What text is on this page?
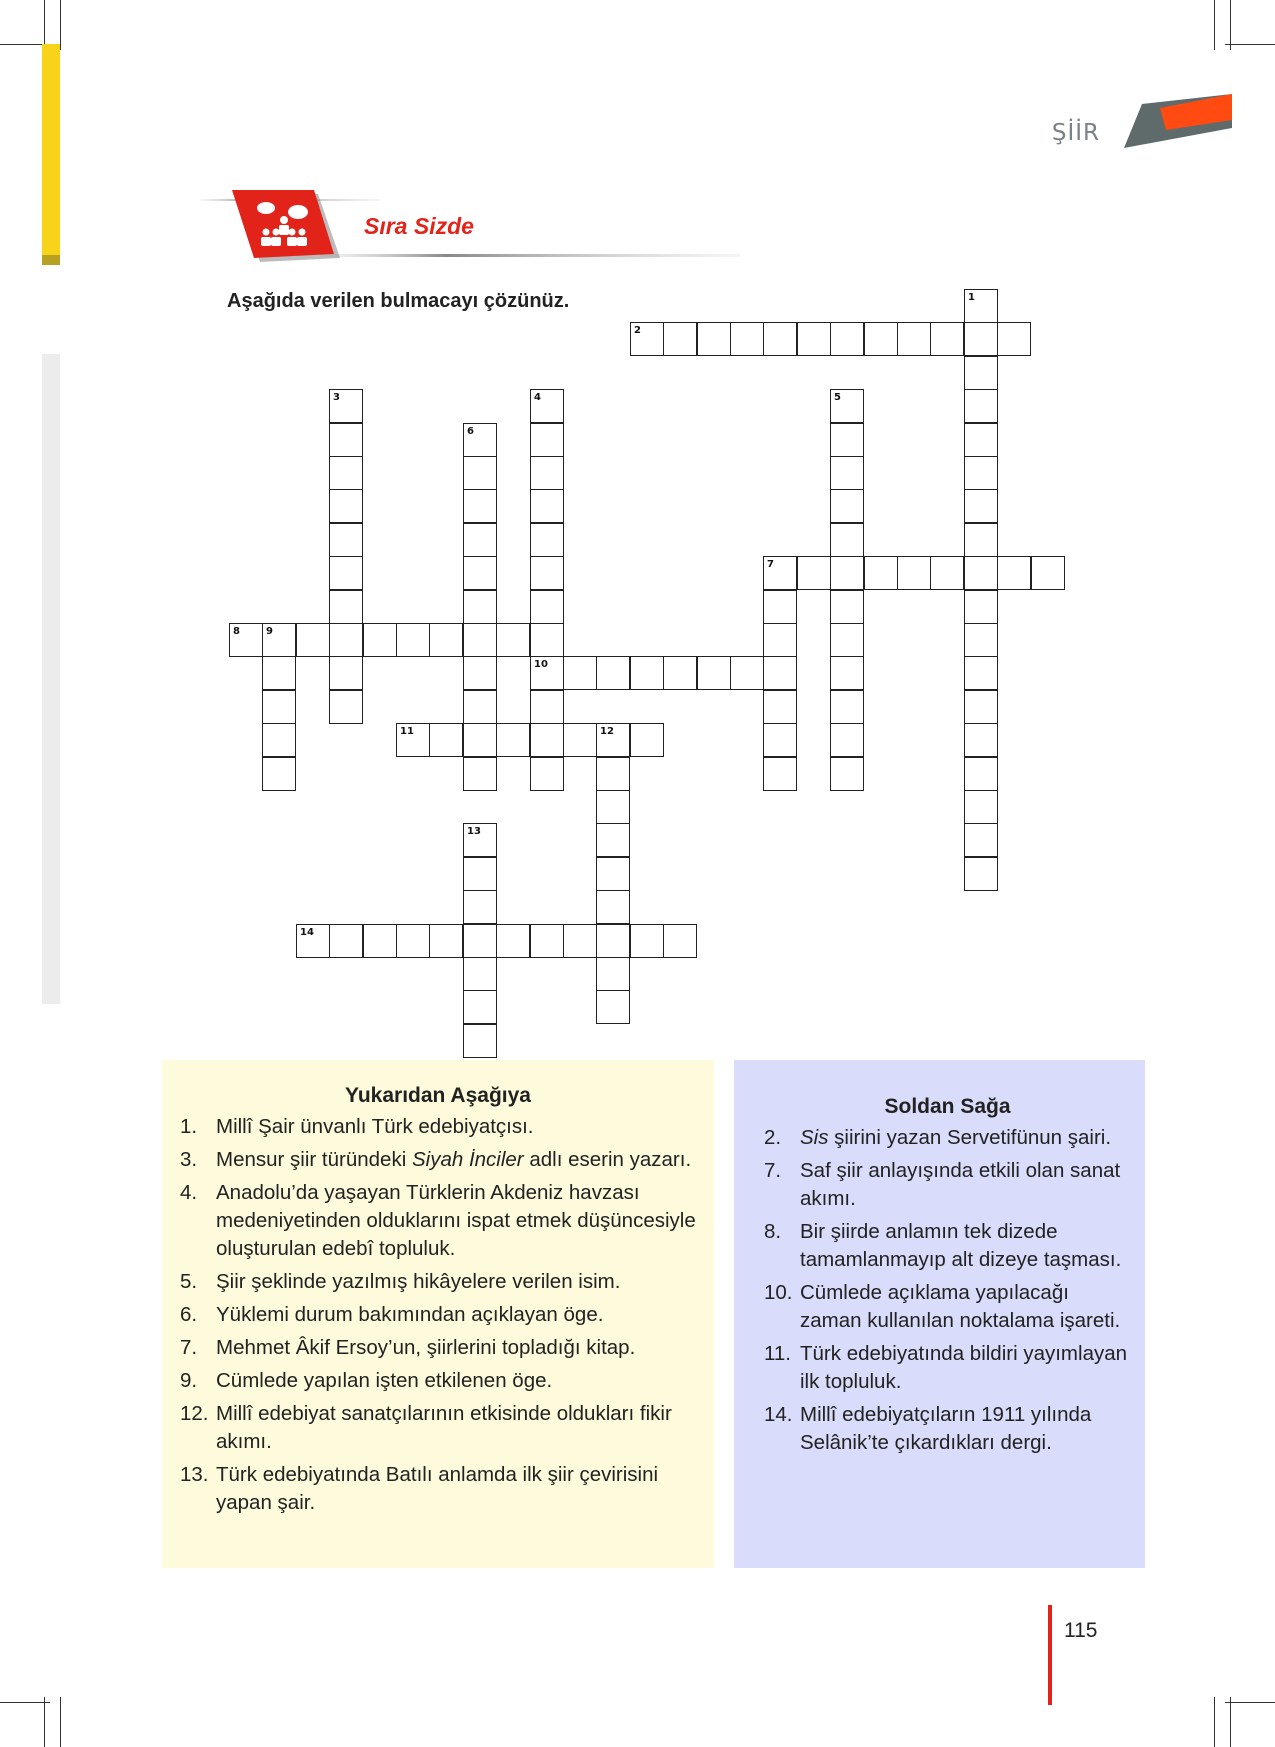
ŞİİR
Sıra Sizde
Aşağıda verilen bulmacayı çözünüz.	1
2
3	4
10
5
6
7
8	9
11	12
13
14
Yukarıdan Aşağıya
1. Millî Şair ünvanlı Türk edebiyatçısı.
3. Mensur şiir türündeki Siyah İnciler adlı eserin yazarı.
4. Anadolu’da yaşayan Türklerin Akdeniz havzası medeniyetinden olduklarını ispat etmek düşüncesiyle oluşturulan edebî topluluk.
5. Şiir şeklinde yazılmış hikâyelere verilen isim.
6. Yüklemi durum bakımından açıklayan öge.
7. Mehmet Âkif Ersoy’un, şiirlerini topladığı kitap.
9. Cümlede yapılan işten etkilenen öge.
12. Millî edebiyat sanatçılarının etkisinde oldukları fikir akımı.
13. Türk edebiyatında Batılı anlamda ilk şiir çevirisini yapan şair.
Soldan Sağa
2. Sis şiirini yazan Servetifünun şairi.
7. Saf şiir anlayışında etkili olan sanat akımı.
8. Bir şiirde anlamın tek dizede tamamlanmayıp alt dizeye taşması.
10. Cümlede açıklama yapılacağı zaman kullanılan noktalama işareti.
11. Türk edebiyatında bildiri yayımlayan ilk topluluk.
14. Millî edebiyatçıların 1911 yılında Selânik’te çıkardıkları dergi.
115
